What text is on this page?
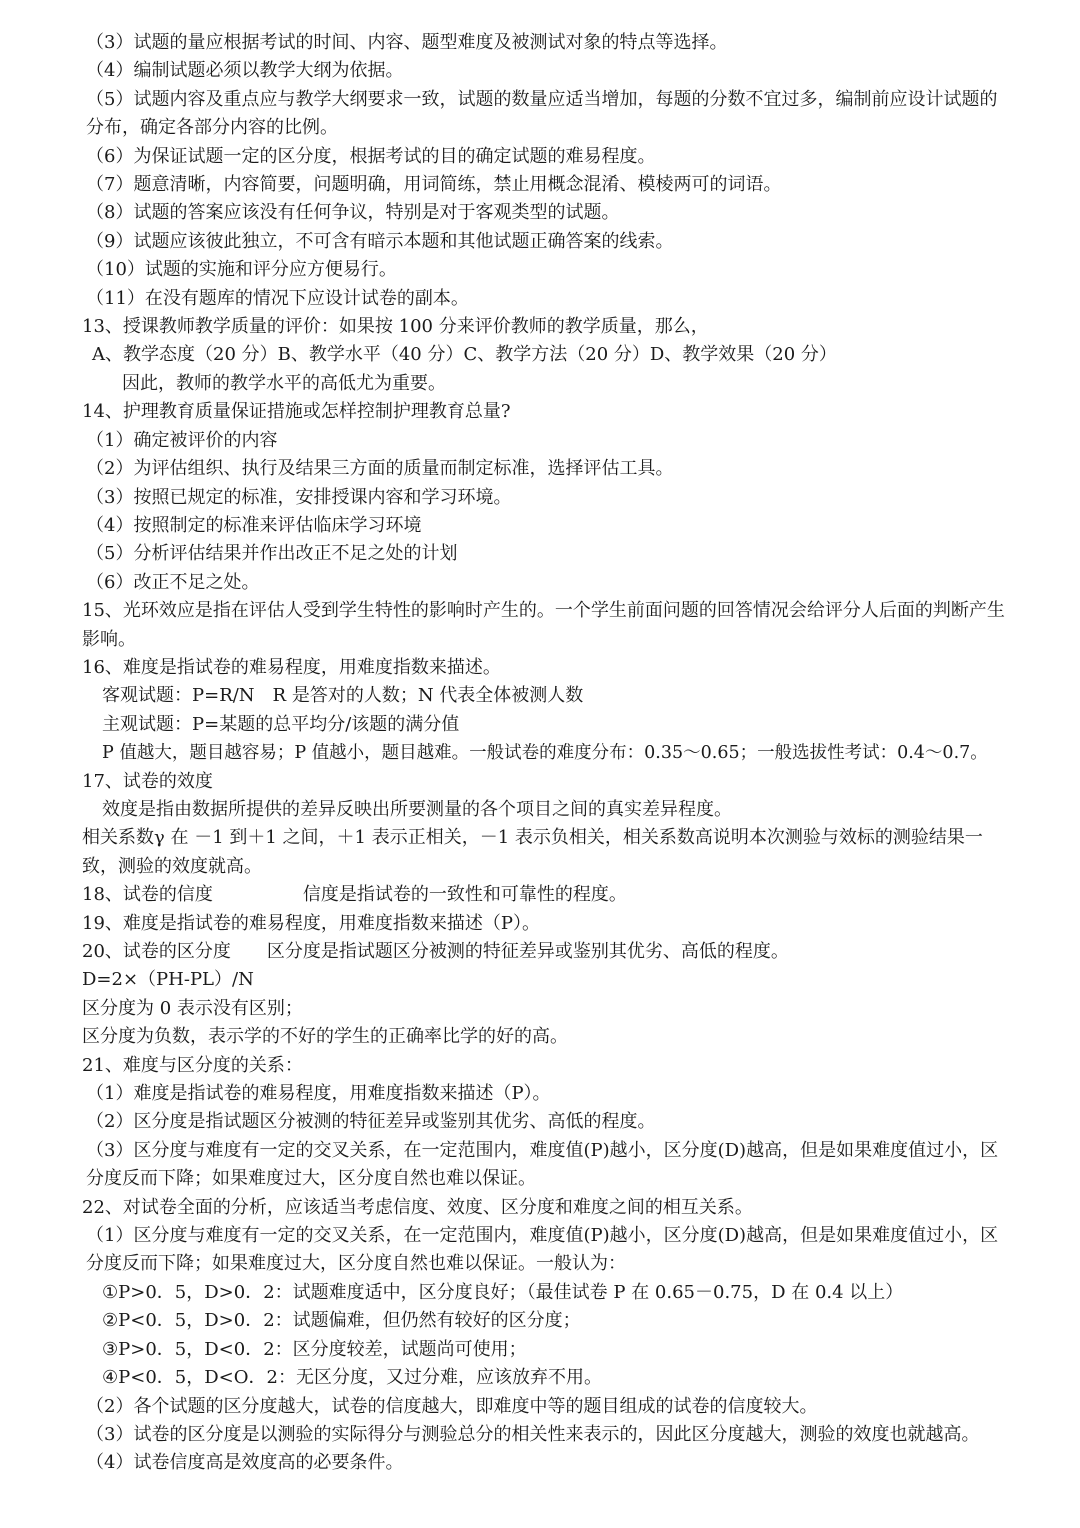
（3）试题的量应根据考试的时间、内容、题型难度及被测试对象的特点等选择。
（4）编制试题必须以教学大纲为依据。
（5）试题内容及重点应与教学大纲要求一致，试题的数量应适当增加，每题的分数不宜过多，编制前应设计试题的分布，确定各部分内容的比例。
（6）为保证试题一定的区分度，根据考试的目的确定试题的难易程度。
（7）题意清晰，内容简要，问题明确，用词简练，禁止用概念混淆、模棱两可的词语。
（8）试题的答案应该没有任何争议，特别是对于客观类型的试题。
（9）试题应该彼此独立，不可含有暗示本题和其他试题正确答案的线索。
（10）试题的实施和评分应方便易行。
（11）在没有题库的情况下应设计试卷的副本。
13、授课教师教学质量的评价：如果按 100 分来评价教师的教学质量，那么，
A、教学态度（20 分）B、教学水平（40 分）C、教学方法（20 分）D、教学效果（20 分）
因此，教师的教学水平的高低尤为重要。
14、护理教育质量保证措施或怎样控制护理教育总量?
（1）确定被评价的内容
（2）为评估组织、执行及结果三方面的质量而制定标准，选择评估工具。
（3）按照已规定的标准，安排授课内容和学习环境。
（4）按照制定的标准来评估临床学习环境
（5）分析评估结果并作出改正不足之处的计划
（6）改正不足之处。
15、光环效应是指在评估人受到学生特性的影响时产生的。一个学生前面问题的回答情况会给评分人后面的判断产生影响。
16、难度是指试卷的难易程度，用难度指数来描述。
客观试题：P=R/N　R 是答对的人数；N 代表全体被测人数
主观试题：P=某题的总平均分/该题的满分值
P 值越大，题目越容易；P 值越小，题目越难。一般试卷的难度分布：0.35～0.65；一般选拔性考试：0.4～0.7。
17、试卷的效度
效度是指由数据所提供的差异反映出所要测量的各个项目之间的真实差异程度。
相关系数γ 在 －1 到＋1 之间，＋1 表示正相关，－1 表示负相关，相关系数高说明本次测验与效标的测验结果一致，测验的效度就高。
18、试卷的信度　　　　　信度是指试卷的一致性和可靠性的程度。
19、难度是指试卷的难易程度，用难度指数来描述（P）。
20、试卷的区分度　　区分度是指试题区分被测的特征差异或鉴别其优劣、高低的程度。
D=2×（PH-PL）/N
区分度为 0 表示没有区别；
区分度为负数，表示学的不好的学生的正确率比学的好的高。
21、难度与区分度的关系：
（1）难度是指试卷的难易程度，用难度指数来描述（P）。
（2）区分度是指试题区分被测的特征差异或鉴别其优劣、高低的程度。
（3）区分度与难度有一定的交叉关系，在一定范围内，难度值(P)越小，区分度(D)越高，但是如果难度值过小，区分度反而下降；如果难度过大，区分度自然也难以保证。
22、对试卷全面的分析，应该适当考虑信度、效度、区分度和难度之间的相互关系。
（1）区分度与难度有一定的交叉关系，在一定范围内，难度值(P)越小，区分度(D)越高，但是如果难度值过小，区分度反而下降；如果难度过大，区分度自然也难以保证。一般认为：
①P>0．5，D>0．2：试题难度适中，区分度良好；（最佳试卷 P 在 0.65－0.75，D 在 0.4 以上）
②P<0．5，D>0．2：试题偏难，但仍然有较好的区分度；
③P>0．5，D<0．2：区分度较差，试题尚可使用；
④P<0．5，D<O．2：无区分度，又过分难，应该放弃不用。
（2）各个试题的区分度越大，试卷的信度越大，即难度中等的题目组成的试卷的信度较大。
（3）试卷的区分度是以测验的实际得分与测验总分的相关性来表示的，因此区分度越大，测验的效度也就越高。
（4）试卷信度高是效度高的必要条件。
